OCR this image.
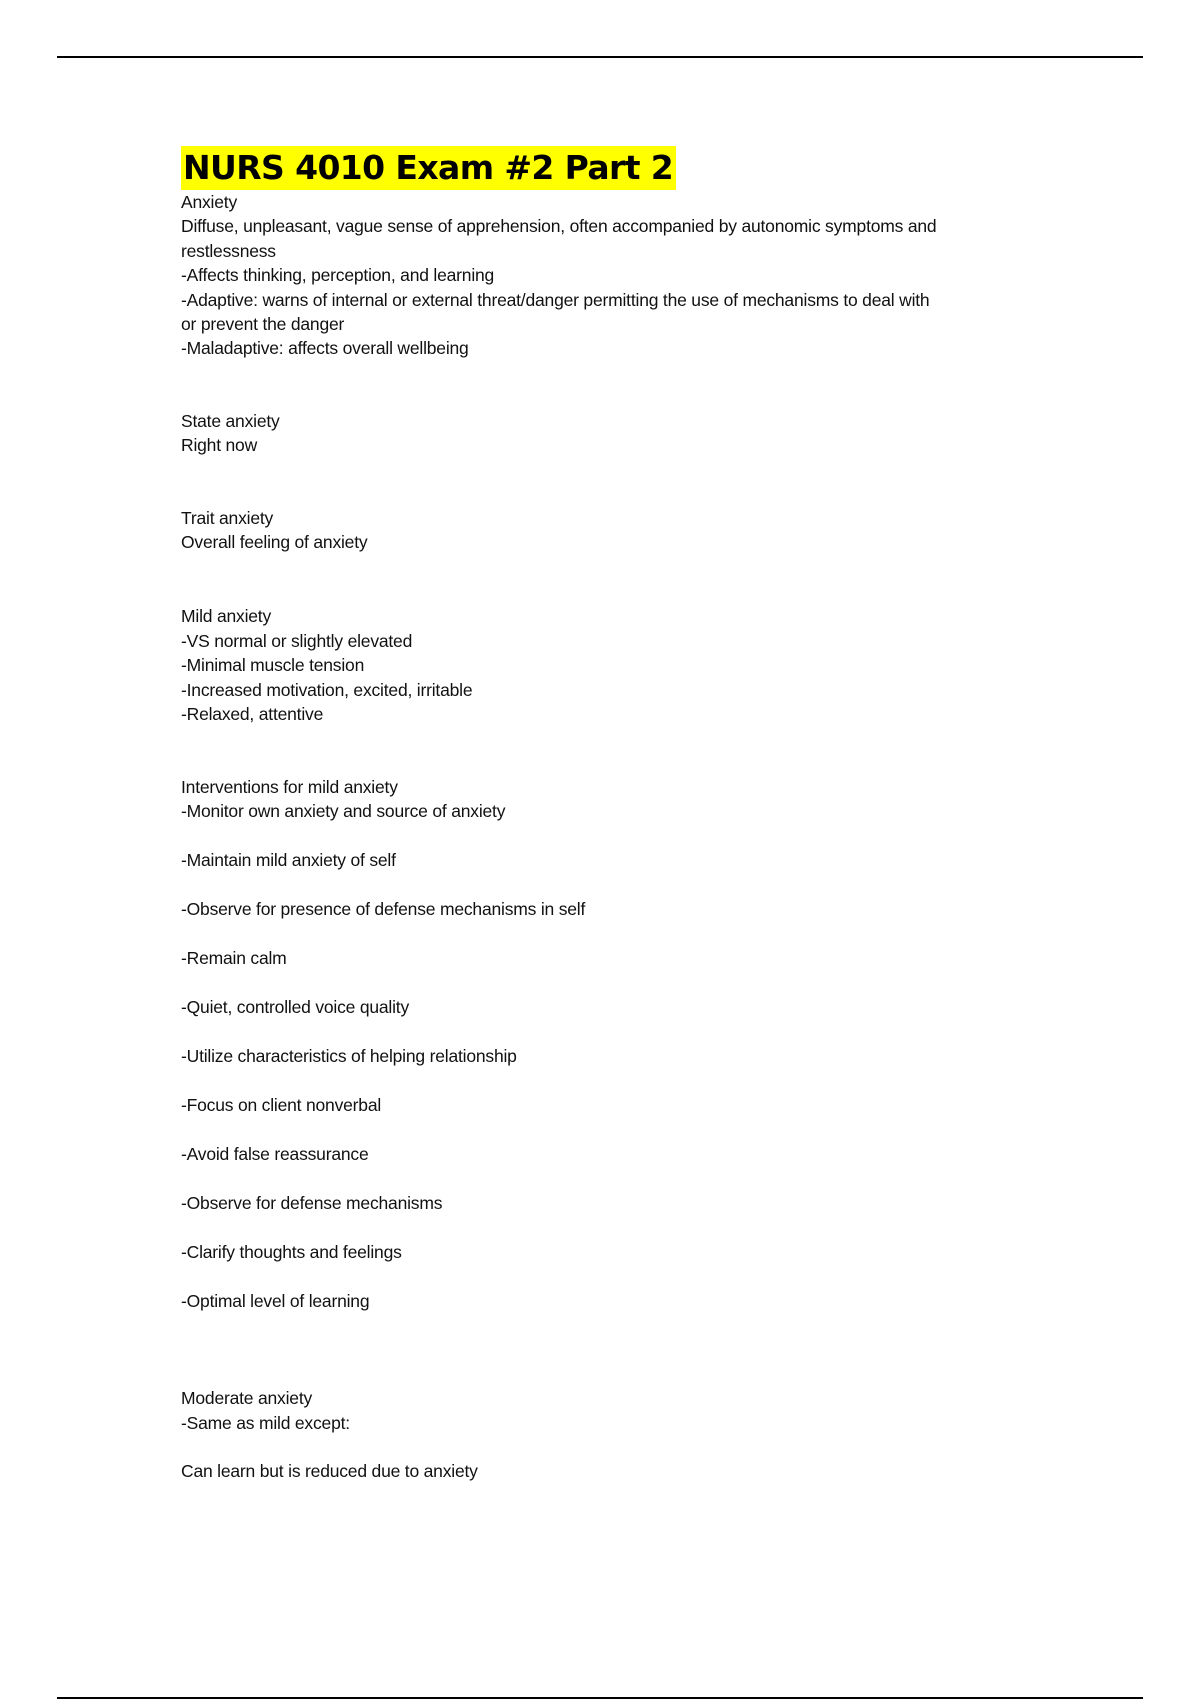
NURS 4010 Exam #2 Part 2
Anxiety
Diffuse, unpleasant, vague sense of apprehension, often accompanied by autonomic symptoms and
restlessness
-Affects thinking, perception, and learning
-Adaptive: warns of internal or external threat/danger permitting the use of mechanisms to deal with
or prevent the danger
-Maladaptive: affects overall wellbeing
State anxiety
Right now
Trait anxiety
Overall feeling of anxiety
Mild anxiety
-VS normal or slightly elevated
-Minimal muscle tension
-Increased motivation, excited, irritable
-Relaxed, attentive
Interventions for mild anxiety
-Monitor own anxiety and source of anxiety
-Maintain mild anxiety of self
-Observe for presence of defense mechanisms in self
-Remain calm
-Quiet, controlled voice quality
-Utilize characteristics of helping relationship
-Focus on client nonverbal
-Avoid false reassurance
-Observe for defense mechanisms
-Clarify thoughts and feelings
-Optimal level of learning
Moderate anxiety
-Same as mild except:
Can learn but is reduced due to anxiety
